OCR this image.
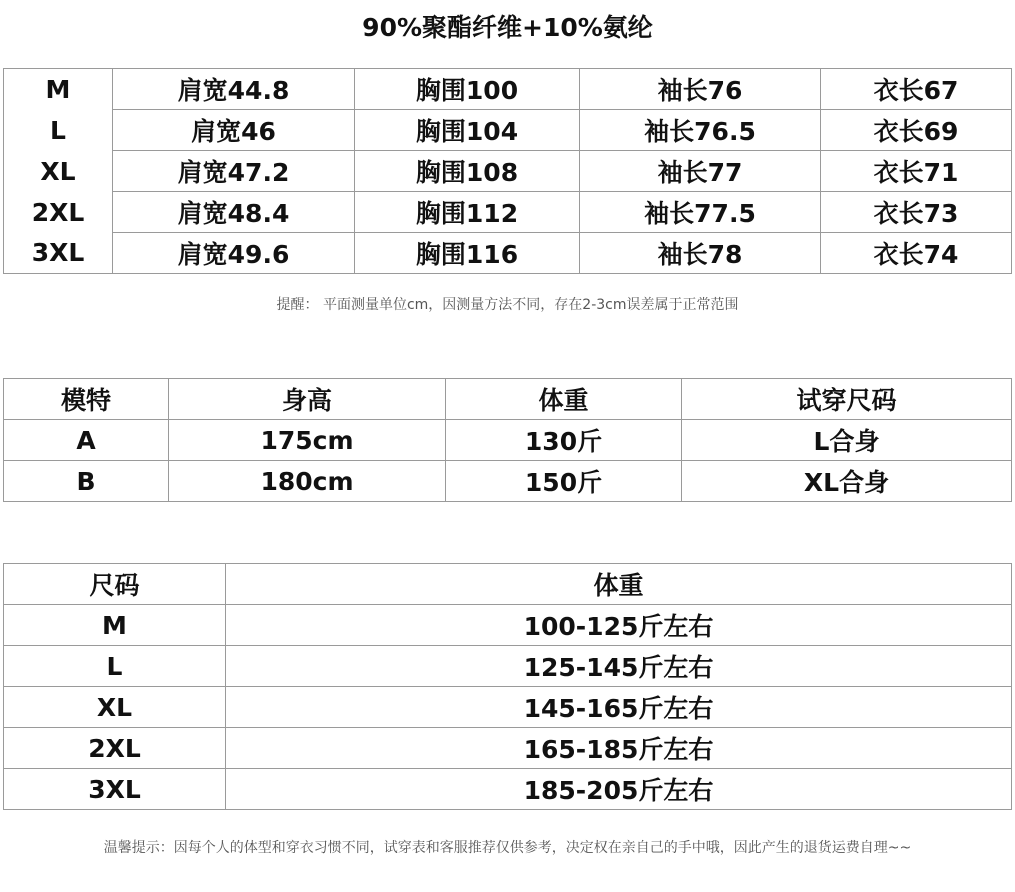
90%聚酯纤维+10%氨纶
M	肩宽44.8	胸围100	袖长76	衣长67
L	肩宽46	胸围104	袖长76.5	衣长69
XL	肩宽47.2	胸围108	袖长77	衣长71
2XL	肩宽48.4	胸围112	袖长77.5	衣长73
3XL	肩宽49.6	胸围116	袖长78	衣长74
提醒： 平面测量单位cm，因测量方法不同，存在2-3cm误差属于正常范围
模特	身高	体重	试穿尺码
A	175cm	130斤	L合身
B	180cm	150斤	XL合身
尺码	体重
M	100-125斤左右
L	125-145斤左右
XL	145-165斤左右
2XL	165-185斤左右
3XL	185-205斤左右
温馨提示：因每个人的体型和穿衣习惯不同，试穿表和客服推荐仅供参考，决定权在亲自己的手中哦，因此产生的退货运费自理~~
